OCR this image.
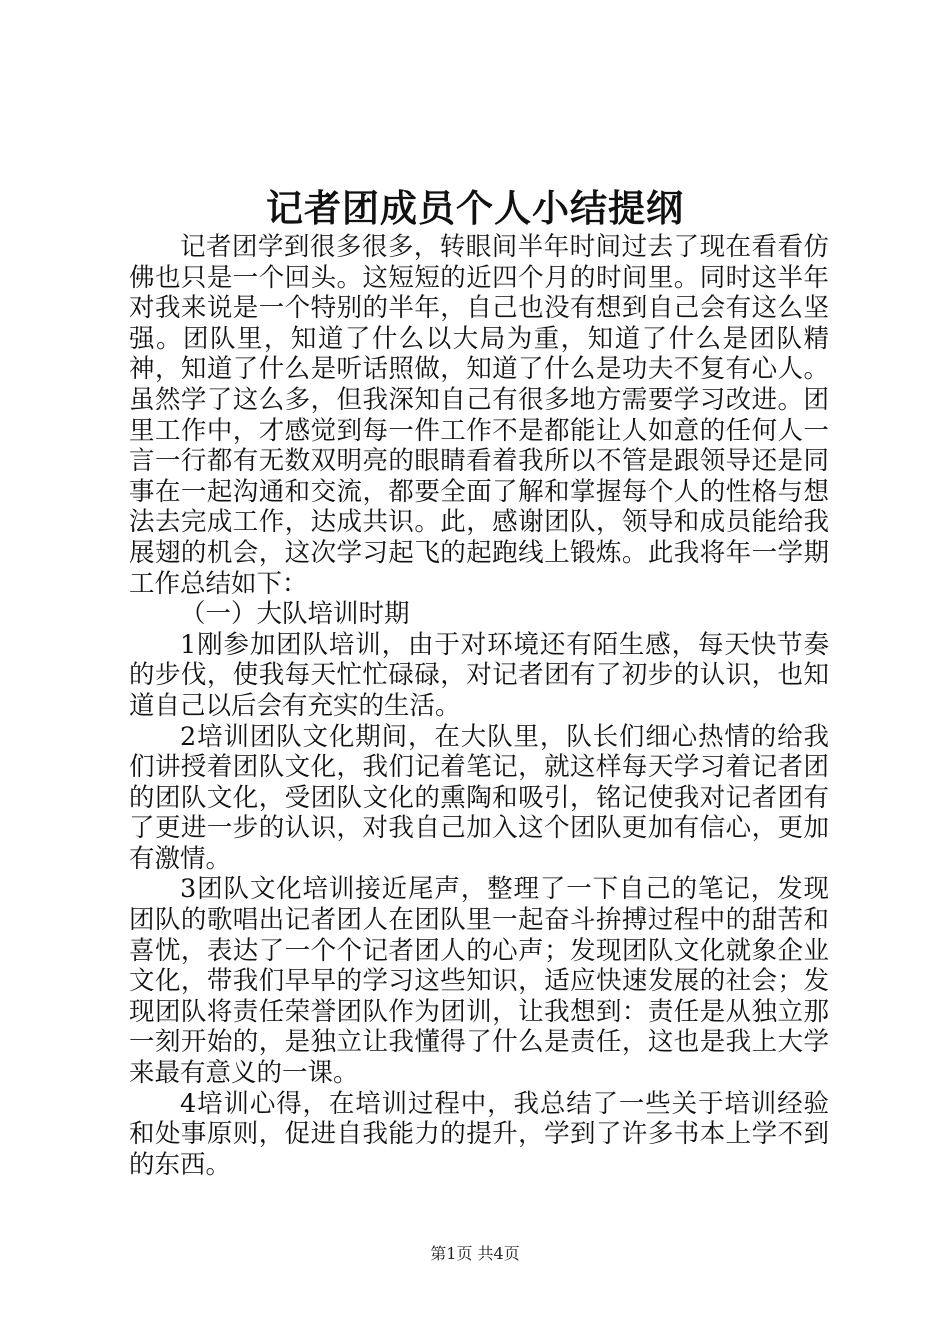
记者团成员个人小结提纲

记者团学到很多很多，转眼间半年时间过去了现在看看仿佛也只是一个回头。这短短的近四个月的时间里。同时这半年对我来说是一个特别的半年，自己也没有想到自己会有这么坚强。团队里，知道了什么以大局为重，知道了什么是团队精神，知道了什么是听话照做，知道了什么是功夫不复有心人。虽然学了这么多，但我深知自己有很多地方需要学习改进。团里工作中，才感觉到每一件工作不是都能让人如意的任何人一言一行都有无数双明亮的眼睛看着我所以不管是跟领导还是同事在一起沟通和交流，都要全面了解和掌握每个人的性格与想法去完成工作，达成共识。此，感谢团队，领导和成员能给我展翅的机会，这次学习起飞的起跑线上锻炼。此我将年一学期工作总结如下：

（一）大队培训时期

1刚参加团队培训，由于对环境还有陌生感，每天快节奏的步伐，使我每天忙忙碌碌，对记者团有了初步的认识，也知道自己以后会有充实的生活。

2培训团队文化期间，在大队里，队长们细心热情的给我们讲授着团队文化，我们记着笔记，就这样每天学习着记者团的团队文化，受团队文化的熏陶和吸引，铭记使我对记者团有了更进一步的认识，对我自己加入这个团队更加有信心，更加有激情。

3团队文化培训接近尾声，整理了一下自己的笔记，发现团队的歌唱出记者团人在团队里一起奋斗拚搏过程中的甜苦和喜忧，表达了一个个记者团人的心声；发现团队文化就象企业文化，带我们早早的学习这些知识，适应快速发展的社会；发现团队将责任荣誉团队作为团训，让我想到：责任是从独立那一刻开始的，是独立让我懂得了什么是责任，这也是我上大学来最有意义的一课。

4培训心得，在培训过程中，我总结了一些关于培训经验和处事原则，促进自我能力的提升，学到了许多书本上学不到的东西。

第1页 共4页
